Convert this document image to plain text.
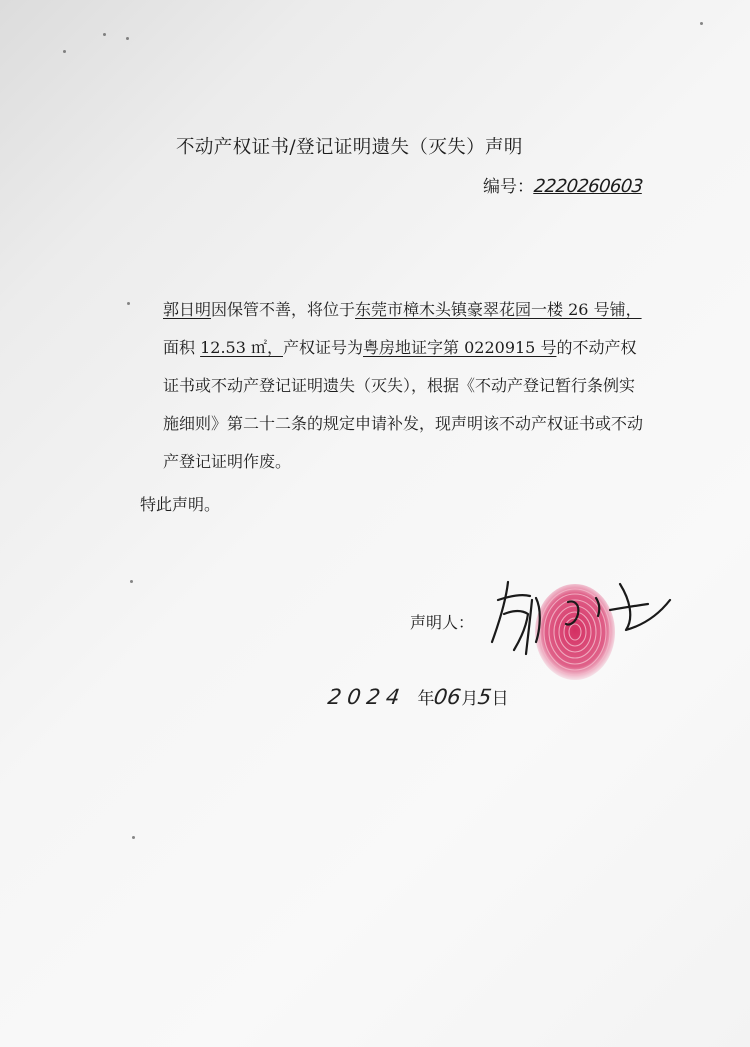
不动产权证书/登记证明遗失（灭失）声明
编号：2220260603

郭日明因保管不善，将位于东莞市樟木头镇豪翠花园一楼 26 号铺，面积 12.53 ㎡，产权证号为粤房地证字第 0220915 号的不动产权证书或不动产登记证明遗失（灭失），根据《不动产登记暂行条例实施细则》第二十二条的规定申请补发，现声明该不动产权证书或不动产登记证明作废。

特此声明。
声明人：
2024 年06月5日
